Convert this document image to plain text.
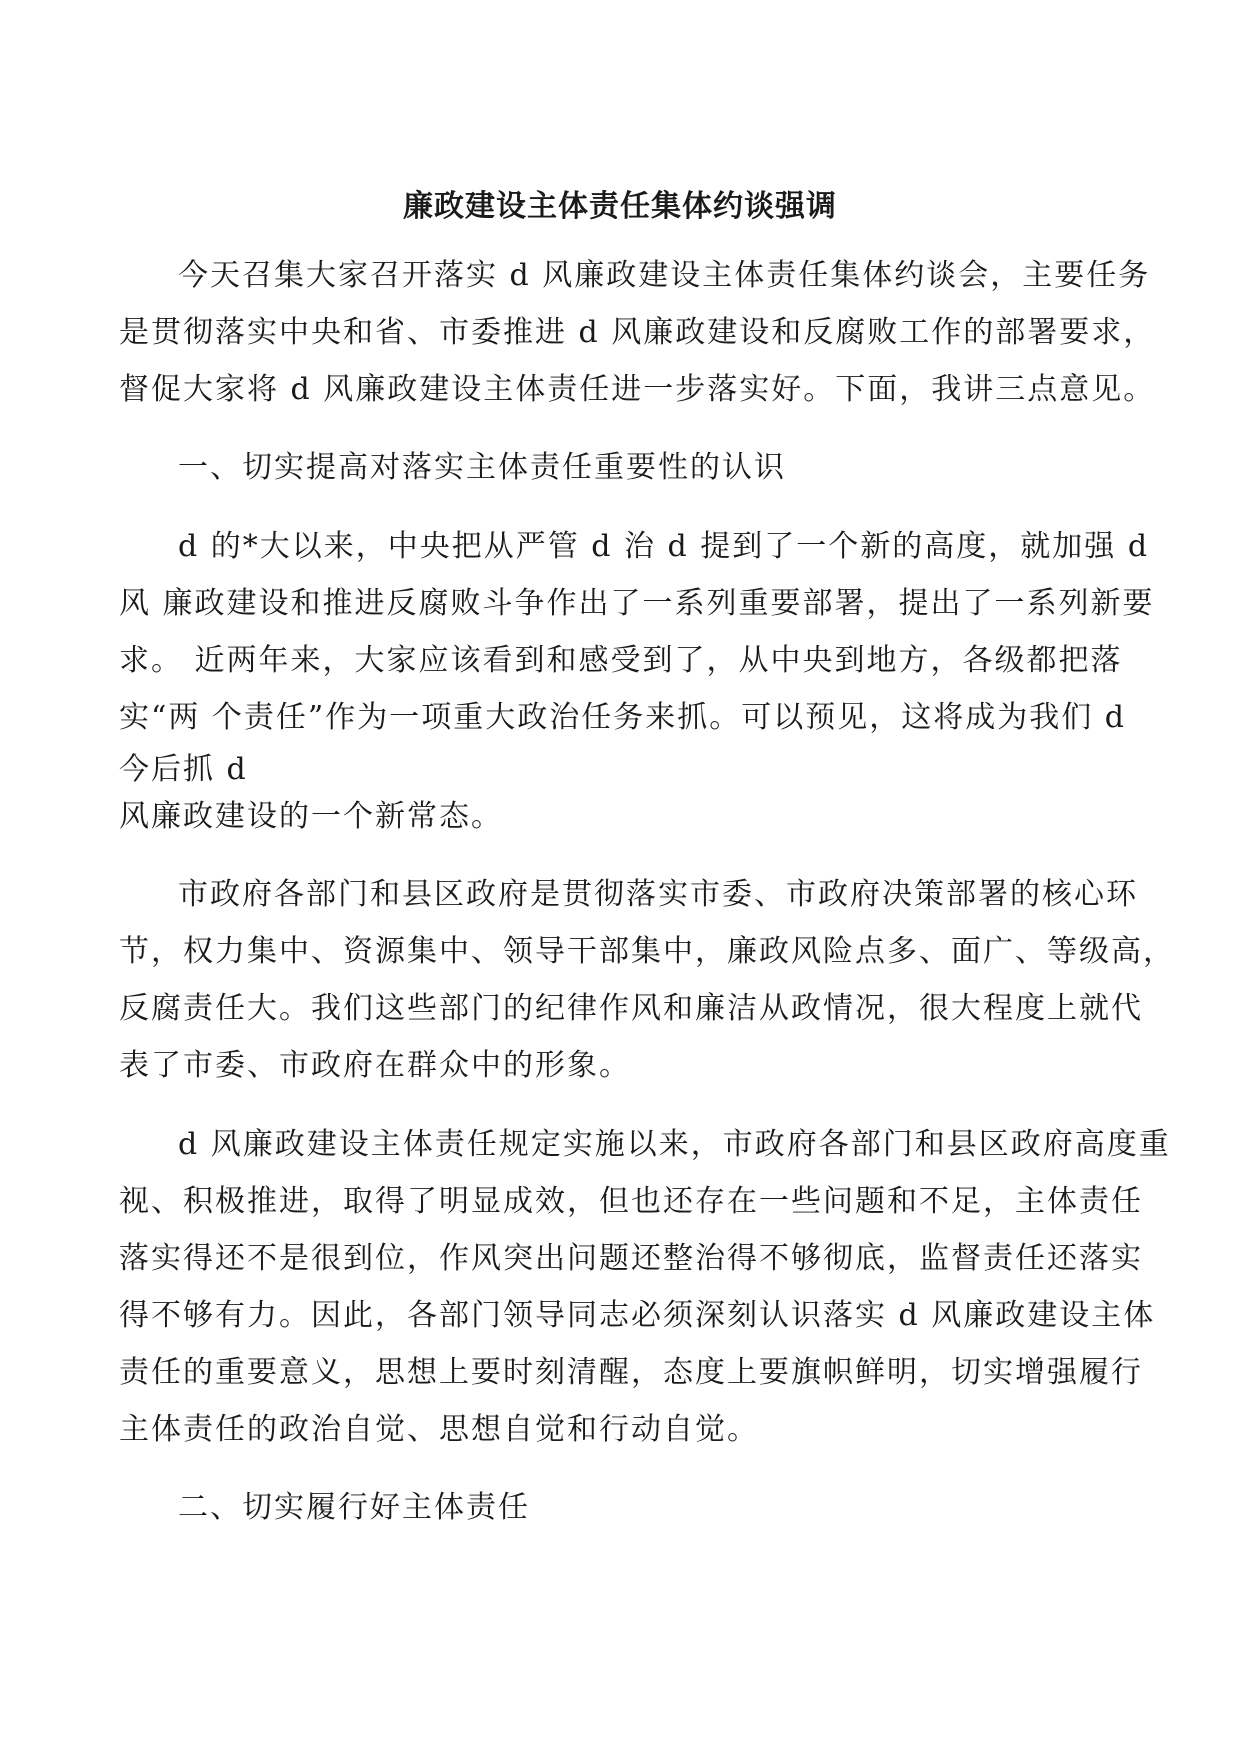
廉政建设主体责任集体约谈强调

今天召集大家召开落实 d 风廉政建设主体责任集体约谈会，主要任务

是贯彻落实中央和省、市委推进 d 风廉政建设和反腐败工作的部署要求，

督促大家将 d 风廉政建设主体责任进一步落实好。下面，我讲三点意见。

一、切实提高对落实主体责任重要性的认识

d 的*大以来，中央把从严管 d 治 d 提到了一个新的高度，就加强 d

风 廉政建设和推进反腐败斗争作出了一系列重要部署，提出了一系列新要

求。 近两年来，大家应该看到和感受到了，从中央到地方，各级都把落

实“两 个责任”作为一项重大政治任务来抓。可以预见，这将成为我们 d

今后抓 d

风廉政建设的一个新常态。

市政府各部门和县区政府是贯彻落实市委、市政府决策部署的核心环

节，权力集中、资源集中、领导干部集中，廉政风险点多、面广、等级高，

反腐责任大。我们这些部门的纪律作风和廉洁从政情况，很大程度上就代

表了市委、市政府在群众中的形象。

d 风廉政建设主体责任规定实施以来，市政府各部门和县区政府高度重

视、积极推进，取得了明显成效，但也还存在一些问题和不足，主体责任

落实得还不是很到位，作风突出问题还整治得不够彻底，监督责任还落实

得不够有力。因此，各部门领导同志必须深刻认识落实 d 风廉政建设主体

责任的重要意义，思想上要时刻清醒，态度上要旗帜鲜明，切实增强履行

主体责任的政治自觉、思想自觉和行动自觉。

二、切实履行好主体责任
